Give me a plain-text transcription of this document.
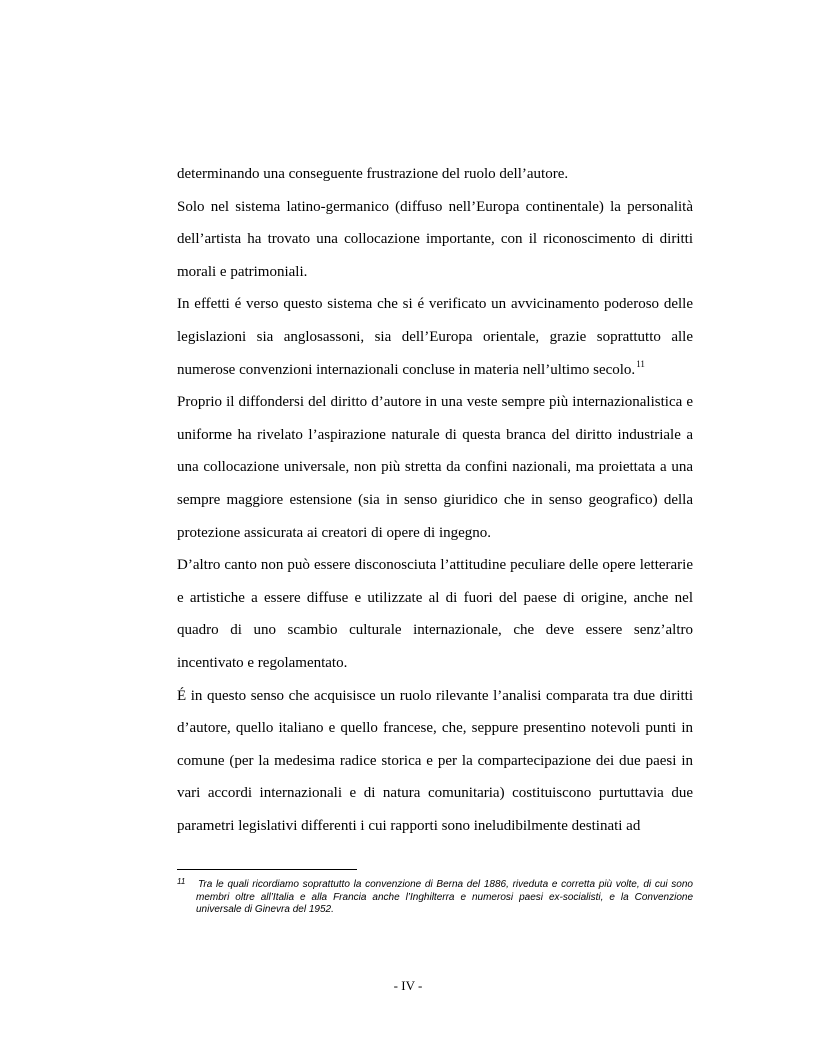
determinando una conseguente frustrazione del ruolo dell’autore.

Solo nel sistema latino-germanico (diffuso nell’Europa continentale) la personalità dell’artista ha trovato una collocazione importante, con il riconoscimento di diritti morali e patrimoniali.

In effetti é verso questo sistema che si é verificato un avvicinamento poderoso delle legislazioni sia anglosassoni, sia dell’Europa orientale, grazie soprattutto alle numerose convenzioni internazionali concluse in materia nell’ultimo secolo.$^{11}$

Proprio il diffondersi del diritto d’autore in una veste sempre più internazionalistica e uniforme ha rivelato l’aspirazione naturale di questa branca del diritto industriale a una collocazione universale, non più stretta da confini nazionali, ma proiettata a una sempre maggiore estensione (sia in senso giuridico che in senso geografico) della protezione assicurata ai creatori di opere di ingegno.

D’altro canto non può essere disconosciuta l’attitudine peculiare delle opere letterarie e artistiche a essere diffuse e utilizzate al di fuori del paese di origine, anche nel quadro di uno scambio culturale internazionale, che deve essere senz’altro incentivato e regolamentato.

É in questo senso che acquisisce un ruolo rilevante l’analisi comparata tra due diritti d’autore, quello italiano e quello francese, che, seppure presentino notevoli punti in comune (per la medesima radice storica e per la compartecipazione dei due paesi in vari accordi internazionali e di natura comunitaria) costituiscono purtuttavia due parametri legislativi differenti i cui rapporti sono ineludibilmente destinati ad

11 Tra le quali ricordiamo soprattutto la convenzione di Berna del 1886, riveduta e corretta più volte, di cui sono membri oltre all’Italia e alla Francia anche l’Inghilterra e numerosi paesi ex-socialisti, e la Convenzione universale di Ginevra del 1952.

- IV -
